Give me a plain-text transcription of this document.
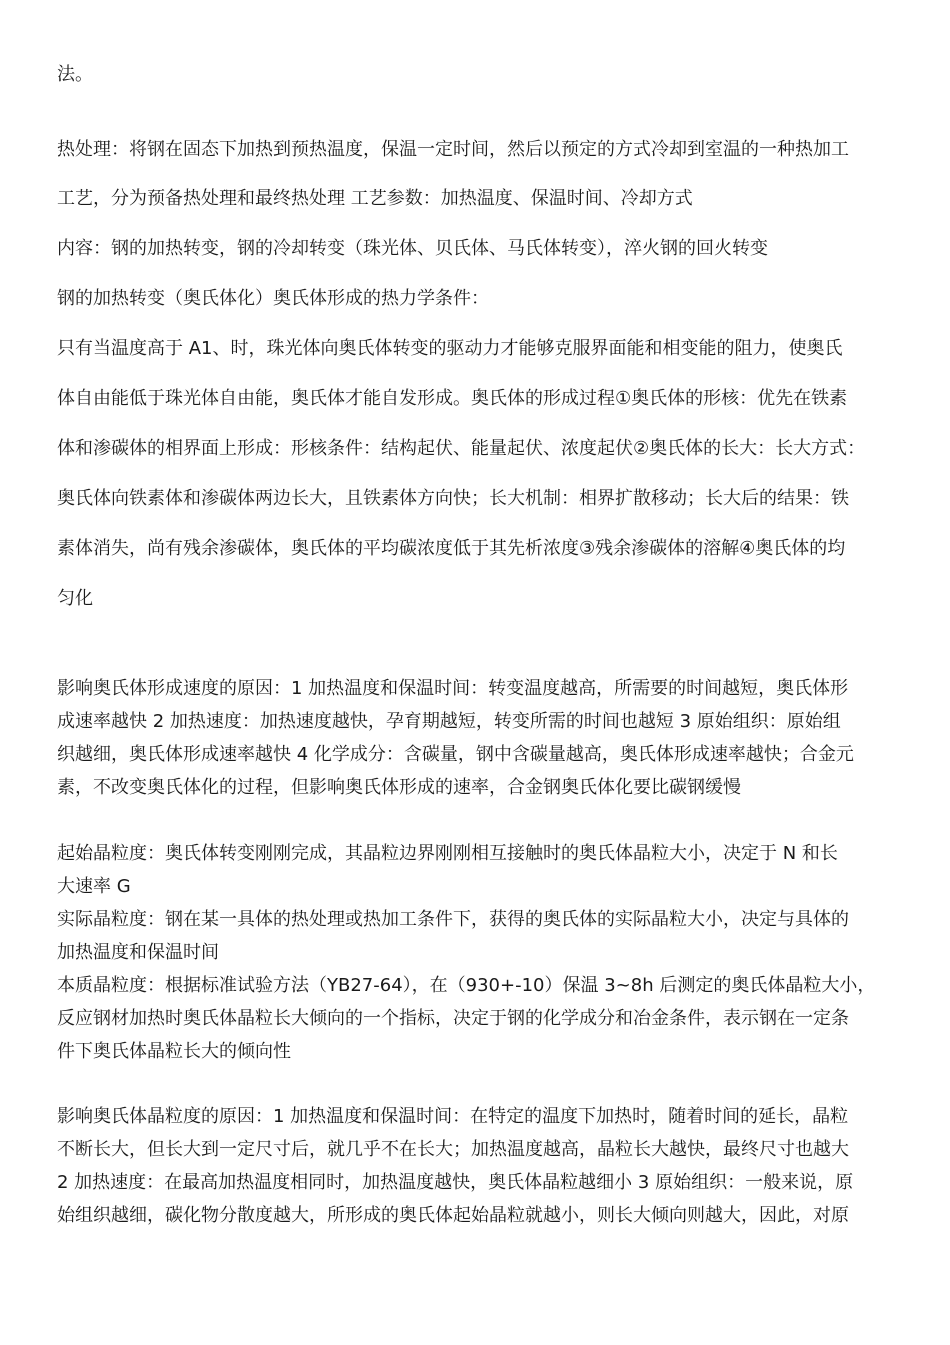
法。
热处理：将钢在固态下加热到预热温度，保温一定时间，然后以预定的方式冷却到室温的一种热加工
工艺，分为预备热处理和最终热处理 工艺参数：加热温度、保温时间、冷却方式
内容：钢的加热转变，钢的冷却转变（珠光体、贝氏体、马氏体转变），淬火钢的回火转变
钢的加热转变（奥氏体化）奥氏体形成的热力学条件：
只有当温度高于 A1、时，珠光体向奥氏体转变的驱动力才能够克服界面能和相变能的阻力，使奥氏
体自由能低于珠光体自由能，奥氏体才能自发形成。奥氏体的形成过程①奥氏体的形核：优先在铁素
体和渗碳体的相界面上形成：形核条件：结构起伏、能量起伏、浓度起伏②奥氏体的长大：长大方式：
奥氏体向铁素体和渗碳体两边长大，且铁素体方向快；长大机制：相界扩散移动；长大后的结果：铁
素体消失，尚有残余渗碳体，奥氏体的平均碳浓度低于其先析浓度③残余渗碳体的溶解④奥氏体的均
匀化
影响奥氏体形成速度的原因：1 加热温度和保温时间：转变温度越高，所需要的时间越短，奥氏体形
成速率越快 2 加热速度：加热速度越快，孕育期越短，转变所需的时间也越短 3 原始组织：原始组
织越细，奥氏体形成速率越快 4 化学成分：含碳量，钢中含碳量越高，奥氏体形成速率越快；合金元
素，不改变奥氏体化的过程，但影响奥氏体形成的速率，合金钢奥氏体化要比碳钢缓慢
起始晶粒度：奥氏体转变刚刚完成，其晶粒边界刚刚相互接触时的奥氏体晶粒大小，决定于 N 和长
大速率 G
实际晶粒度：钢在某一具体的热处理或热加工条件下，获得的奥氏体的实际晶粒大小，决定与具体的
加热温度和保温时间
本质晶粒度：根据标准试验方法（YB27-64），在（930+-10）保温 3~8h 后测定的奥氏体晶粒大小，
反应钢材加热时奥氏体晶粒长大倾向的一个指标，决定于钢的化学成分和冶金条件，表示钢在一定条
件下奥氏体晶粒长大的倾向性
影响奥氏体晶粒度的原因：1 加热温度和保温时间：在特定的温度下加热时，随着时间的延长，晶粒
不断长大，但长大到一定尺寸后，就几乎不在长大；加热温度越高，晶粒长大越快，最终尺寸也越大
2 加热速度：在最高加热温度相同时，加热温度越快，奥氏体晶粒越细小 3 原始组织：一般来说，原
始组织越细，碳化物分散度越大，所形成的奥氏体起始晶粒就越小，则长大倾向则越大，因此，对原
